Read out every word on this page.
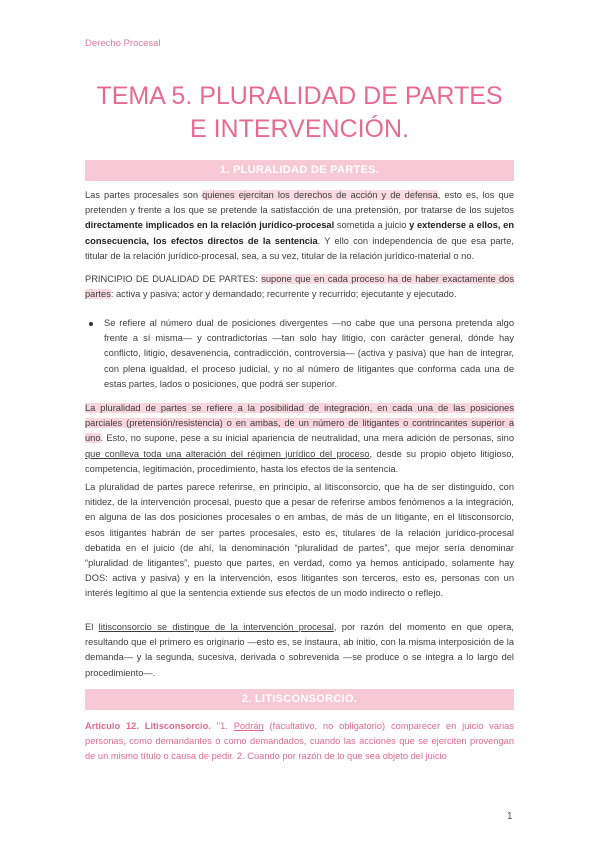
Derecho Procesal
TEMA 5. PLURALIDAD DE PARTES
E INTERVENCIÓN.
1. PLURALIDAD DE PARTES.

Las partes procesales son quienes ejercitan los derechos de acción y de defensa, esto es, los que pretenden y frente a los que se pretende la satisfacción de una pretensión, por tratarse de los sujetos directamente implicados en la relación jurídico-procesal sometida a juicio y extenderse a ellos, en consecuencia, los efectos directos de la sentencia. Y ello con independencia de que esa parte, titular de la relación jurídico-procesal, sea, a su vez, titular de la relación jurídico-material o no.

PRINCIPIO DE DUALIDAD DE PARTES: supone que en cada proceso ha de haber exactamente dos partes: activa y pasiva; actor y demandado; recurrente y recurrido; ejecutante y ejecutado.

Se refiere al número dual de posiciones divergentes —no cabe que una persona pretenda algo frente a sí misma— y contradictorias —tan solo hay litigio, con carácter general, dónde hay conflicto, litigio, desavenencia, contradicción, controversia— (activa y pasiva) que han de integrar, con plena igualdad, el proceso judicial, y no al número de litigantes que conforma cada una de estas partes, lados o posiciones, que podrá ser superior.

La pluralidad de partes se refiere a la posibilidad de integración, en cada una de las posiciones parciales (pretensión/resistencia) o en ambas, de un número de litigantes o contrincantes superior a uno. Esto, no supone, pese a su inicial apariencia de neutralidad, una mera adición de personas, sino que conlleva toda una alteración del régimen jurídico del proceso, desde su propio objeto litigioso, competencia, legitimación, procedimiento, hasta los efectos de la sentencia.

La pluralidad de partes parece referirse, en principio, al litisconsorcio, que ha de ser distinguido, con nitidez, de la intervención procesal, puesto que a pesar de referirse ambos fenómenos a la integración, en alguna de las dos posiciones procesales o en ambas, de más de un litigante, en el litisconsorcio, esos litigantes habrán de ser partes procesales, esto es, titulares de la relación jurídico-procesal debatida en el juicio (de ahí, la denominación “pluralidad de partes”, que mejor sería denominar “pluralidad de litigantes”, puesto que partes, en verdad, como ya hemos anticipado, solamente hay DOS: activa y pasiva) y en la intervención, esos litigantes son terceros, esto es, personas con un interés legítimo al que la sentencia extiende sus efectos de un modo indirecto o reflejo.

El litisconsorcio se distingue de la intervención procesal, por razón del momento en que opera, resultando que el primero es originario —esto es, se instaura, ab initio, con la misma interposición de la demanda— y la segunda, sucesiva, derivada o sobrevenida —se produce o se integra a lo largo del procedimiento—.

2. LITISCONSORCIO.

Artículo 12. Litisconsorcio. "1. Podrán (facultativo, no obligatorio) comparecer en juicio varias personas, como demandantes o como demandados, cuando las acciones que se ejerciten provengan de un mismo título o causa de pedir. 2. Cuando por razón de lo que sea objeto del juicio

1
